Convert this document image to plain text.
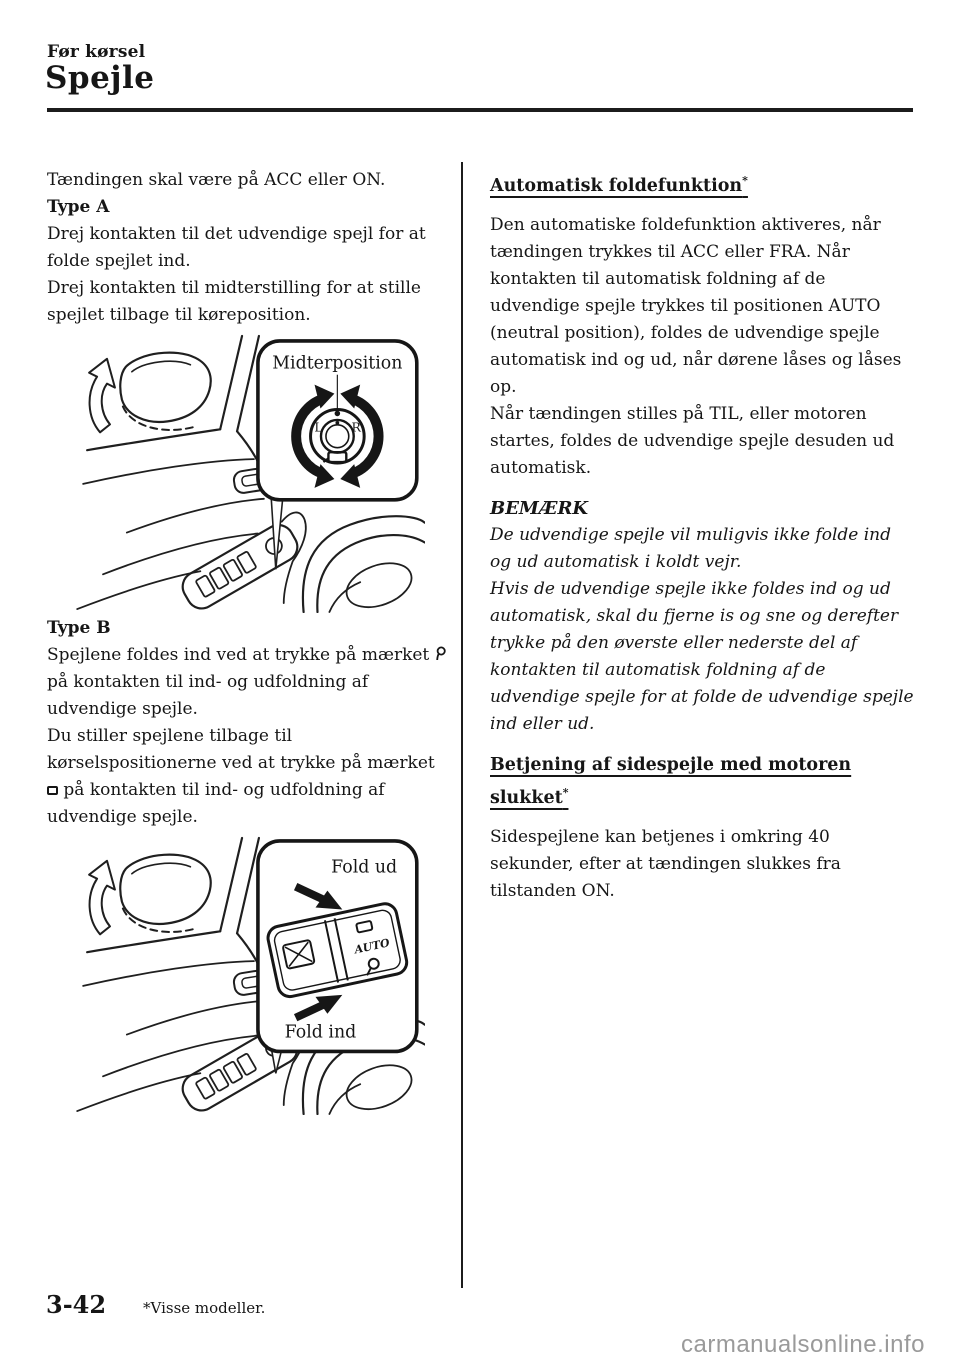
Før kørsel
Spejle

Tændingen skal være på ACC eller ON.

Type A

Drej kontakten til det udvendige spejl for at folde spejlet ind.

Drej kontakten til midterstilling for at stille spejlet tilbage til køreposition.

Midterposition
L R

Type B

Spejlene foldes ind ved at trykke på mærket  på kontakten til ind- og udfoldning af udvendige spejle.

Du stiller spejlene tilbage til kørselspositionerne ved at trykke på mærket  på kontakten til ind- og udfoldning af udvendige spejle.

Fold ud
Fold ind
AUTO
Automatisk foldefunktion*

Den automatiske foldefunktion aktiveres, når tændingen trykkes til ACC eller FRA. Når kontakten til automatisk foldning af de udvendige spejle trykkes til positionen AUTO (neutral position), foldes de udvendige spejle automatisk ind og ud, når dørene låses og låses op.

Når tændingen stilles på TIL, eller motoren startes, foldes de udvendige spejle desuden ud automatisk.

BEMÆRK

De udvendige spejle vil muligvis ikke folde ind og ud automatisk i koldt vejr.

Hvis de udvendige spejle ikke foldes ind og ud automatisk, skal du fjerne is og sne og derefter trykke på den øverste eller nederste del af kontakten til automatisk foldning af de udvendige spejle for at folde de udvendige spejle ind eller ud.

Betjening af sidespejle med motoren slukket*

Sidespejlene kan betjenes i omkring 40 sekunder, efter at tændingen slukkes fra tilstanden ON.

3-42 *Visse modeller.
carmanualsonline.info
